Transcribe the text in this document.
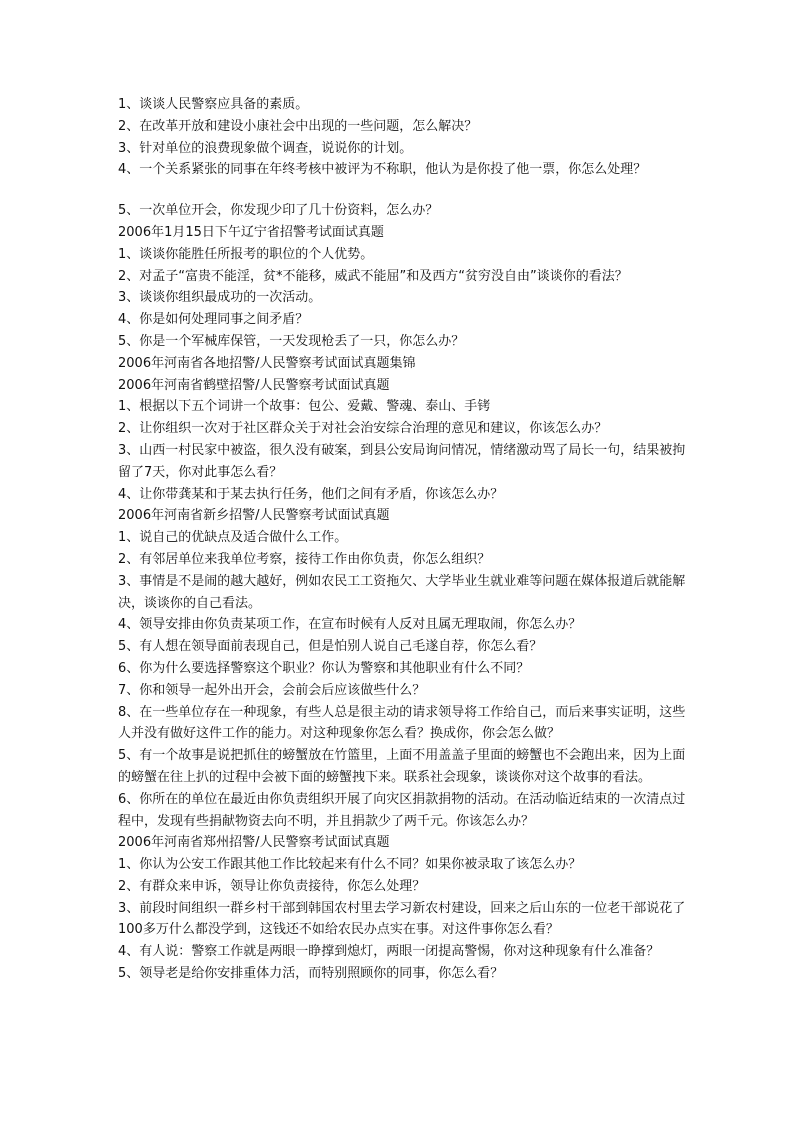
1、谈谈人民警察应具备的素质。
2、在改革开放和建设小康社会中出现的一些问题，怎么解决？
3、针对单位的浪费现象做个调查，说说你的计划。
4、一个关系紧张的同事在年终考核中被评为不称职，他认为是你投了他一票，你怎么处理？
5、一次单位开会，你发现少印了几十份资料，怎么办？
2006年1月15日下午辽宁省招警考试面试真题
1、谈谈你能胜任所报考的职位的个人优势。
2、对孟子“富贵不能淫，贫*不能移，威武不能屈”和及西方“贫穷没自由”谈谈你的看法？
3、谈谈你组织最成功的一次活动。
4、你是如何处理同事之间矛盾？
5、你是一个军械库保管，一天发现枪丢了一只，你怎么办？
2006年河南省各地招警/人民警察考试面试真题集锦
2006年河南省鹤壁招警/人民警察考试面试真题
1、根据以下五个词讲一个故事：包公、爱戴、警魂、泰山、手铐
2、让你组织一次对于社区群众关于对社会治安综合治理的意见和建议，你该怎么办？
3、山西一村民家中被盗，很久没有破案，到县公安局询问情况，情绪激动骂了局长一句，结果被拘留了7天，你对此事怎么看？
4、让你带龚某和于某去执行任务，他们之间有矛盾，你该怎么办？
2006年河南省新乡招警/人民警察考试面试真题
1、说自己的优缺点及适合做什么工作。
2、有邻居单位来我单位考察，接待工作由你负责，你怎么组织？
3、事情是不是闹的越大越好，例如农民工工资拖欠、大学毕业生就业难等问题在媒体报道后就能解决，谈谈你的自己看法。
4、领导安排由你负责某项工作，在宣布时候有人反对且属无理取闹，你怎么办？
5、有人想在领导面前表现自己，但是怕别人说自己毛遂自荐，你怎么看？
6、你为什么要选择警察这个职业？你认为警察和其他职业有什么不同？
7、你和领导一起外出开会，会前会后应该做些什么？
8、在一些单位存在一种现象，有些人总是很主动的请求领导将工作给自己，而后来事实证明，这些人并没有做好这件工作的能力。对这种现象你怎么看？换成你，你会怎么做？
5、有一个故事是说把抓住的螃蟹放在竹篮里，上面不用盖盖子里面的螃蟹也不会跑出来，因为上面的螃蟹在往上扒的过程中会被下面的螃蟹拽下来。联系社会现象，谈谈你对这个故事的看法。
6、你所在的单位在最近由你负责组织开展了向灾区捐款捐物的活动。在活动临近结束的一次清点过程中，发现有些捐献物资去向不明，并且捐款少了两千元。你该怎么办？
2006年河南省郑州招警/人民警察考试面试真题
1、你认为公安工作跟其他工作比较起来有什么不同？如果你被录取了该怎么办？
2、有群众来申诉，领导让你负责接待，你怎么处理？
3、前段时间组织一群乡村干部到韩国农村里去学习新农村建设，回来之后山东的一位老干部说花了100多万什么都没学到，这钱还不如给农民办点实在事。对这件事你怎么看？
4、有人说：警察工作就是两眼一睁撑到熄灯，两眼一闭提高警惕，你对这种现象有什么准备？
5、领导老是给你安排重体力活，而特别照顾你的同事，你怎么看？
